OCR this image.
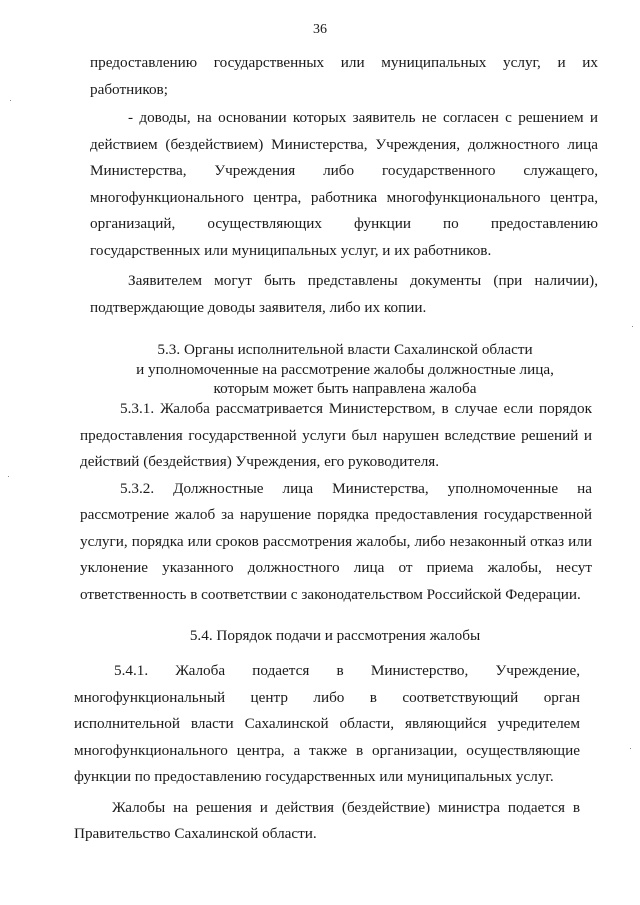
36

предоставлению государственных или муниципальных услуг, и их работников;

- доводы, на основании которых заявитель не согласен с решением и действием (бездействием) Министерства, Учреждения, должностного лица Министерства, Учреждения либо государственного служащего, многофункционального центра, работника многофункционального центра, организаций, осуществляющих функции по предоставлению государственных или муниципальных услуг, и их работников.

Заявителем могут быть представлены документы (при наличии), подтверждающие доводы заявителя, либо их копии.

5.3. Органы исполнительной власти Сахалинской области
и уполномоченные на рассмотрение жалобы должностные лица,
которым может быть направлена жалоба

5.3.1. Жалоба рассматривается Министерством, в случае если порядок предоставления государственной услуги был нарушен вследствие решений и действий (бездействия) Учреждения, его руководителя.

5.3.2. Должностные лица Министерства, уполномоченные на рассмотрение жалоб за нарушение порядка предоставления государственной услуги, порядка или сроков рассмотрения жалобы, либо незаконный отказ или уклонение указанного должностного лица от приема жалобы, несут ответственность в соответствии с законодательством Российской Федерации.

5.4. Порядок подачи и рассмотрения жалобы

5.4.1. Жалоба подается в Министерство, Учреждение, многофункциональный центр либо в соответствующий орган исполнительной власти Сахалинской области, являющийся учредителем многофункционального центра, а также в организации, осуществляющие функции по предоставлению государственных или муниципальных услуг.

Жалобы на решения и действия (бездействие) министра подается в Правительство Сахалинской области.
